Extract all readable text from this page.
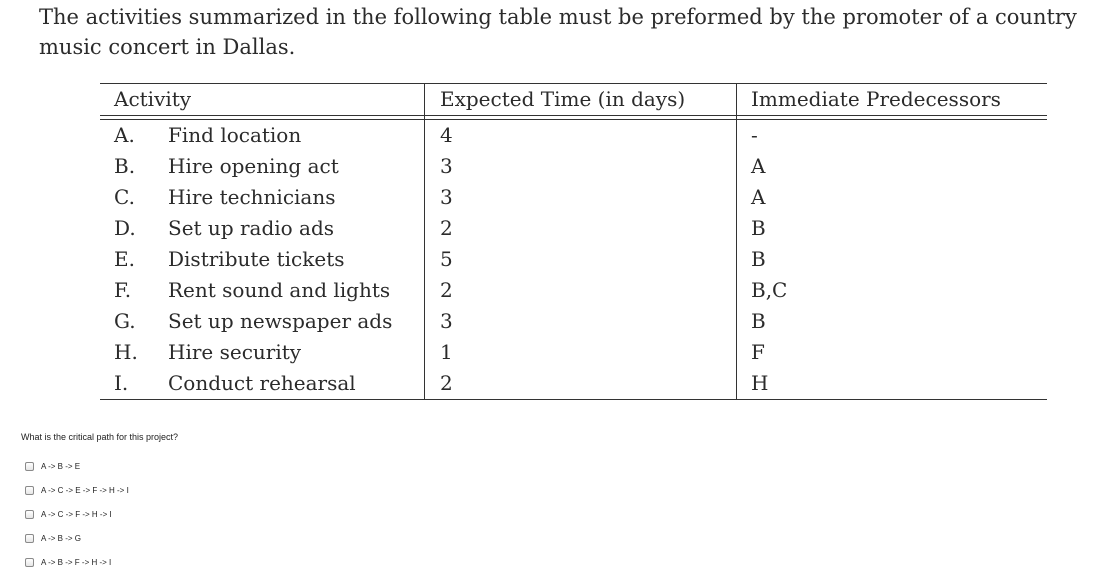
The activities summarized in the following table must be preformed by the promoter of a country music concert in Dallas.

Activity	Expected Time (in days)	Immediate Predecessors

A. Find location	4	-
B. Hire opening act	3	A
C. Hire technicians	3	A
D. Set up radio ads	2	B
E. Distribute tickets	5	B
F. Rent sound and lights	2	B,C
G. Set up newspaper ads	3	B
H. Hire security	1	F
I. Conduct rehearsal	2	H
What is the critical path for this project?
A -> B -> E
A -> C -> E -> F -> H -> I
A -> C -> F -> H -> I
A -> B -> G
A -> B -> F -> H -> I
